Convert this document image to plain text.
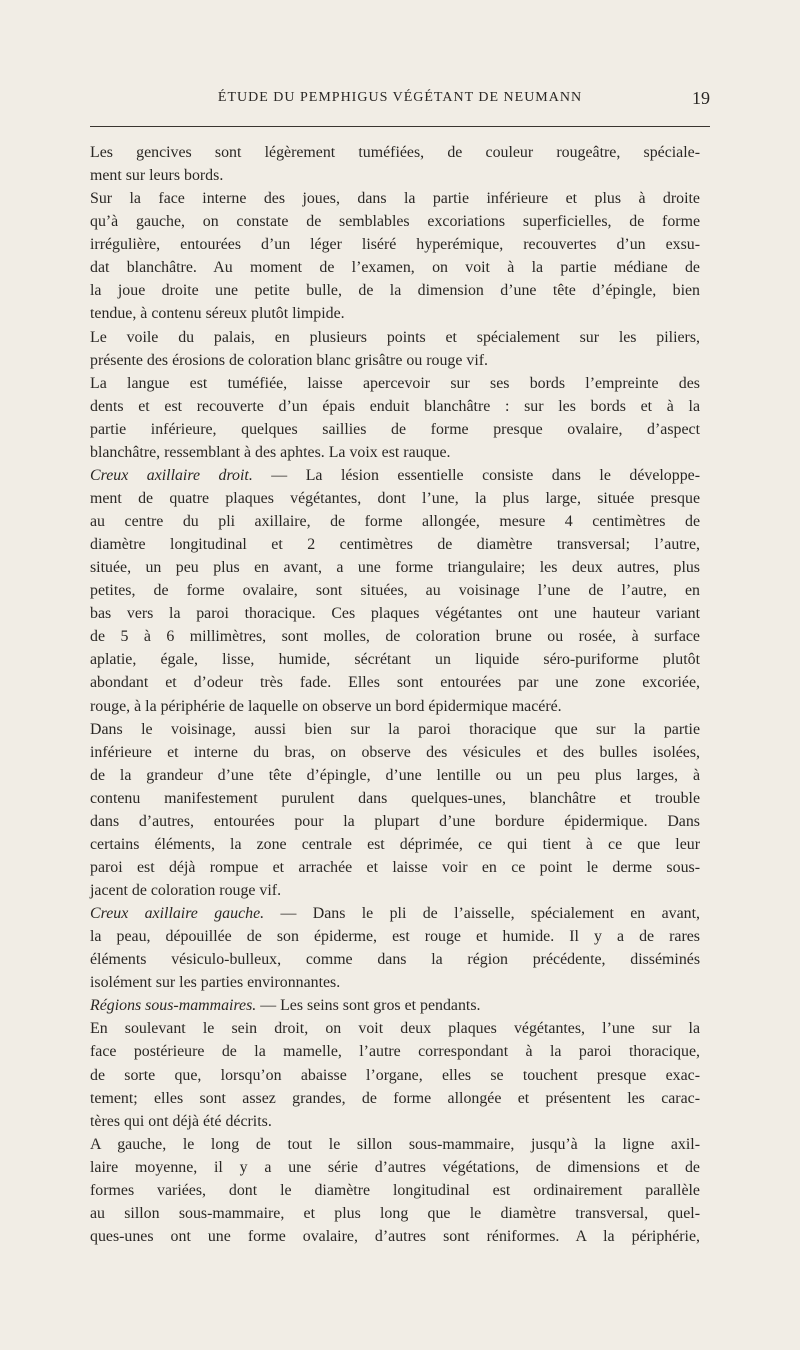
ÉTUDE DU PEMPHIGUS VÉGÉTANT DE NEUMANN	19
Les gencives sont légèrement tuméfiées, de couleur rougeâtre, spéciale-
ment sur leurs bords.
Sur la face interne des joues, dans la partie inférieure et plus à droite
qu’à gauche, on constate de semblables excoriations superficielles, de forme
irrégulière, entourées d’un léger liséré hyperémique, recouvertes d’un exsu-
dat blanchâtre. Au moment de l’examen, on voit à la partie médiane de
la joue droite une petite bulle, de la dimension d’une tête d’épingle, bien
tendue, à contenu séreux plutôt limpide.
Le voile du palais, en plusieurs points et spécialement sur les piliers,
présente des érosions de coloration blanc grisâtre ou rouge vif.
La langue est tuméfiée, laisse apercevoir sur ses bords l’empreinte des
dents et est recouverte d’un épais enduit blanchâtre : sur les bords et à la
partie inférieure, quelques saillies de forme presque ovalaire, d’aspect
blanchâtre, ressemblant à des aphtes. La voix est rauque.
Creux axillaire droit. — La lésion essentielle consiste dans le développe-
ment de quatre plaques végétantes, dont l’une, la plus large, située presque
au centre du pli axillaire, de forme allongée, mesure 4 centimètres de
diamètre longitudinal et 2 centimètres de diamètre transversal; l’autre,
située, un peu plus en avant, a une forme triangulaire; les deux autres, plus
petites, de forme ovalaire, sont situées, au voisinage l’une de l’autre, en
bas vers la paroi thoracique. Ces plaques végétantes ont une hauteur variant
de 5 à 6 millimètres, sont molles, de coloration brune ou rosée, à surface
aplatie, égale, lisse, humide, sécrétant un liquide séro-puriforme plutôt
abondant et d’odeur très fade. Elles sont entourées par une zone excoriée,
rouge, à la périphérie de laquelle on observe un bord épidermique macéré.
Dans le voisinage, aussi bien sur la paroi thoracique que sur la partie
inférieure et interne du bras, on observe des vésicules et des bulles isolées,
de la grandeur d’une tête d’épingle, d’une lentille ou un peu plus larges, à
contenu manifestement purulent dans quelques-unes, blanchâtre et trouble
dans d’autres, entourées pour la plupart d’une bordure épidermique. Dans
certains éléments, la zone centrale est déprimée, ce qui tient à ce que leur
paroi est déjà rompue et arrachée et laisse voir en ce point le derme sous-
jacent de coloration rouge vif.
Creux axillaire gauche. — Dans le pli de l’aisselle, spécialement en avant,
la peau, dépouillée de son épiderme, est rouge et humide. Il y a de rares
éléments vésiculo-bulleux, comme dans la région précédente, disséminés
isolément sur les parties environnantes.
Régions sous-mammaires. — Les seins sont gros et pendants.
En soulevant le sein droit, on voit deux plaques végétantes, l’une sur la
face postérieure de la mamelle, l’autre correspondant à la paroi thoracique,
de sorte que, lorsqu’on abaisse l’organe, elles se touchent presque exac-
tement; elles sont assez grandes, de forme allongée et présentent les carac-
tères qui ont déjà été décrits.
A gauche, le long de tout le sillon sous-mammaire, jusqu’à la ligne axil-
laire moyenne, il y a une série d’autres végétations, de dimensions et de
formes variées, dont le diamètre longitudinal est ordinairement parallèle
au sillon sous-mammaire, et plus long que le diamètre transversal, quel-
ques-unes ont une forme ovalaire, d’autres sont réniformes. A la périphérie,
